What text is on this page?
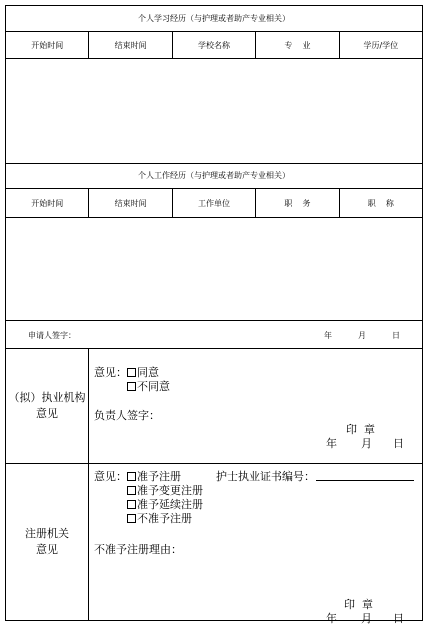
个人学习经历（与护理或者助产专业相关）
开始时间	结束时间	学校名称	专    业	学历/学位
个人工作经历（与护理或者助产专业相关）
开始时间	结束时间	工作单位	职    务	职    称
申请人签字：	年	月	日
（拟）执业机构
意见
意见： 同意
不同意
负责人签字：
印  章
年 月 日
注册机关
意见
意见： 准予注册
准予变更注册
准予延续注册
不准予注册
护士执业证书编号：
不准予注册理由：
印  章
年 月 日
